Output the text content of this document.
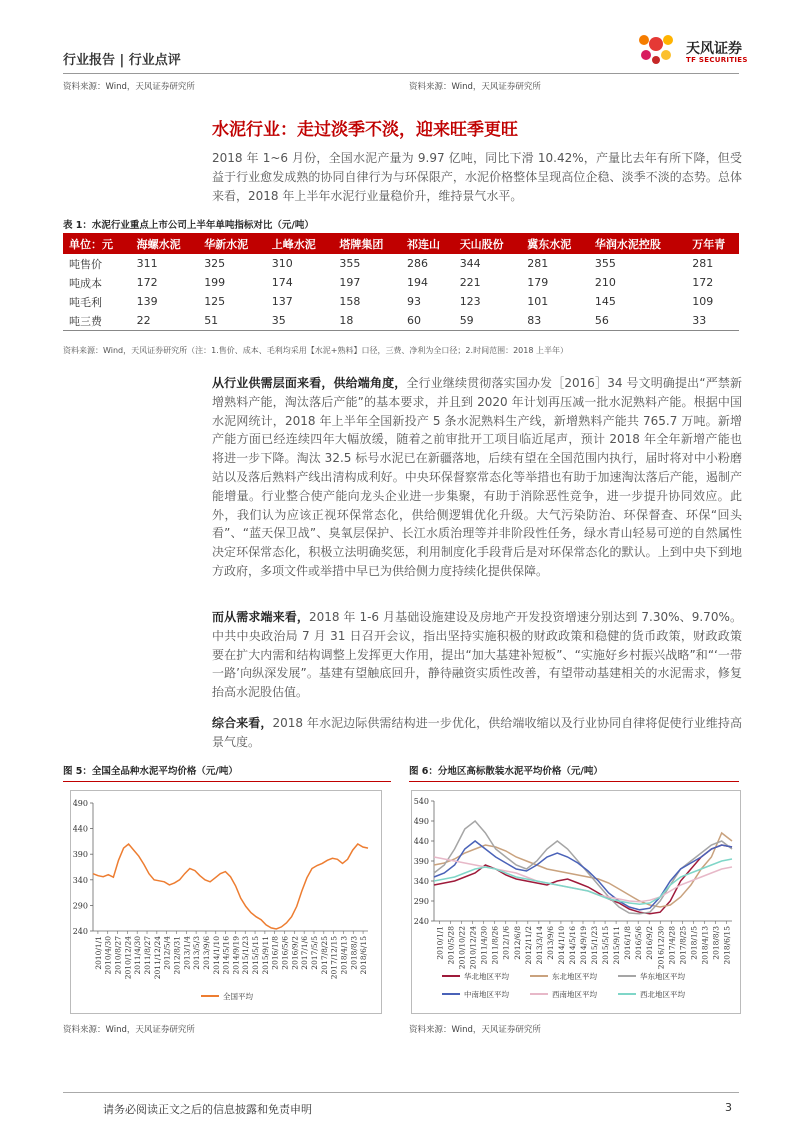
行业报告 | 行业点评
天风证券
TF SECURITIES
资料来源：Wind，天风证券研究所	资料来源：Wind，天风证券研究所
水泥行业：走过淡季不淡，迎来旺季更旺
2018 年 1~6 月份，全国水泥产量为 9.97 亿吨，同比下滑 10.42%，产量比去年有所下降，但受益于行业愈发成熟的协同自律行为与环保限产，水泥价格整体呈现高位企稳、淡季不淡的态势。总体来看，2018 年上半年水泥行业量稳价升，维持景气水平。
表 1：水泥行业重点上市公司上半年单吨指标对比（元/吨）
单位：元	海螺水泥	华新水泥	上峰水泥	塔牌集团	祁连山	天山股份	冀东水泥	华润水泥控股	万年青
吨售价	311	325	310	355	286	344	281	355	281
吨成本	172	199	174	197	194	221	179	210	172
吨毛利	139	125	137	158	93	123	101	145	109
吨三费	22	51	35	18	60	59	83	56	33
资料来源：Wind，天风证券研究所（注：1.售价、成本、毛利均采用【水泥+熟料】口径，三费、净利为全口径；2.时间范围：2018 上半年）
从行业供需层面来看，供给端角度，全行业继续贯彻落实国办发［2016］34 号文明确提出“严禁新增熟料产能，淘汰落后产能”的基本要求，并且到 2020 年计划再压减一批水泥熟料产能。根据中国水泥网统计，2018 年上半年全国新投产 5 条水泥熟料生产线，新增熟料产能共 765.7 万吨。新增产能方面已经连续四年大幅放缓，随着之前审批开工项目临近尾声，预计 2018 年全年新增产能也将进一步下降。淘汰 32.5 标号水泥已在新疆落地，后续有望在全国范围内执行，届时将对中小粉磨站以及落后熟料产线出清构成利好。中央环保督察常态化等举措也有助于加速淘汰落后产能，遏制产能增量。行业整合使产能向龙头企业进一步集聚，有助于消除恶性竞争，进一步提升协同效应。此外，我们认为应该正视环保常态化，供给侧逻辑优化升级。大气污染防治、环保督查、环保“回头看”、“蓝天保卫战”、臭氧层保护、长江水质治理等并非阶段性任务，绿水青山轻易可逆的自然属性决定环保常态化，积极立法明确奖惩，利用制度化手段背后是对环保常态化的默认。上到中央下到地方政府，多项文件或举措中早已为供给侧力度持续化提供保障。
而从需求端来看，2018 年 1-6 月基础设施建设及房地产开发投资增速分别达到 7.30%、9.70%。中共中央政治局 7 月 31 日召开会议，指出坚持实施积极的财政政策和稳健的货币政策，财政政策要在扩大内需和结构调整上发挥更大作用，提出“加大基建补短板”、“实施好乡村振兴战略”和“‘一带一路’向纵深发展”。基建有望触底回升，静待融资实质性改善，有望带动基建相关的水泥需求，修复抬高水泥股估值。
综合来看，2018 年水泥边际供需结构进一步优化，供给端收缩以及行业协同自律将促使行业维持高景气度。
图 5：全国全品种水泥平均价格（元/吨）
240
290
340
390
440
490
2010/1/1 2010/4/30 2010/8/27 2010/12/24 2011/4/30 2011/8/27 2011/12/24 2012/5/4 2012/8/31 2013/1/4 2013/5/3 2013/9/6 2014/1/10 2014/5/16 2014/9/19 2015/1/23 2015/5/15 2015/9/11 2016/1/8 2016/5/6 2016/9/2 2017/1/6 2017/5/5 2017/8/25 2017/12/15 2018/4/13 2018/8/3 2018/6/15
全国平均
资料来源：Wind，天风证券研究所
图 6：分地区高标散装水泥平均价格（元/吨）
240
290
340
390
440
490
540
2010/1/1 2010/5/28 2010/10/22 2010/12/24 2011/4/30 2011/8/26 2012/1/6 2012/6/8 2012/11/2 2013/3/14 2013/9/6 2014/1/10 2014/5/16 2014/9/19 2015/1/23 2015/5/15 2015/9/11 2016/1/8 2016/5/6 2016/9/2 2016/12/30 2017/4/28 2017/8/25 2018/1/5 2018/4/13 2018/8/3 2018/6/15
华北地区平均	东北地区平均	华东地区平均
中南地区平均	西南地区平均	西北地区平均
资料来源：Wind，天风证券研究所
请务必阅读正文之后的信息披露和免责申明	3
